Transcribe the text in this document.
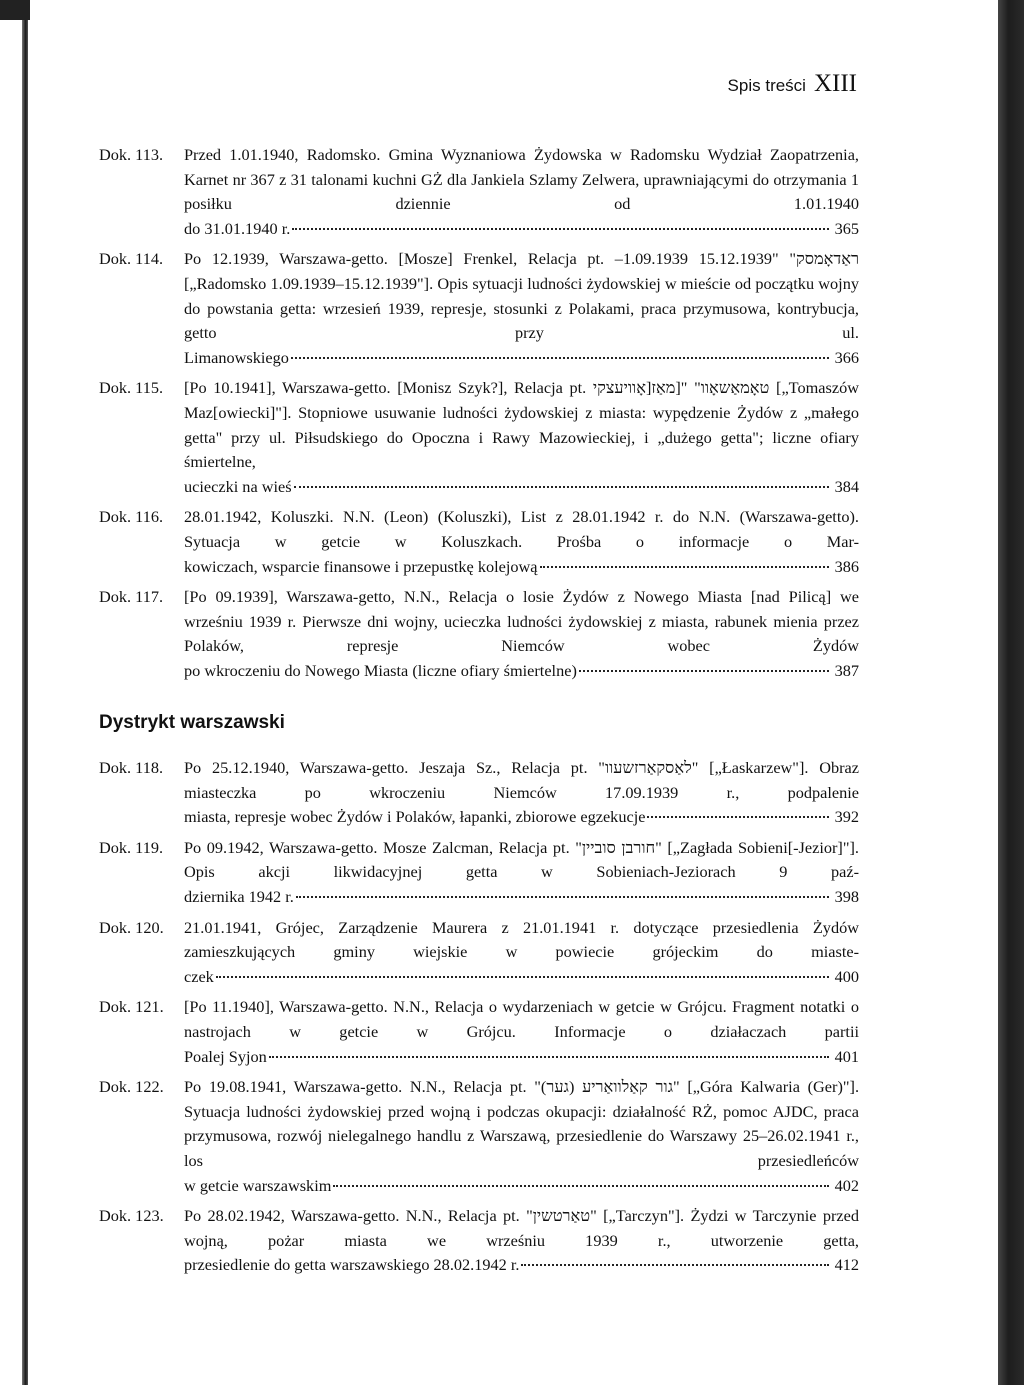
Spis treści XIII
Dok. 113.	Przed 1.01.1940, Radomsko. Gmina Wyznaniowa Żydowska w Radomsku Wydział Zaopatrzenia, Karnet nr 367 z 31 talonami kuchni GŻ dla Jankiela Szlamy Zelwera, uprawniającymi do otrzymania 1 posiłku dziennie od 1.01.1940
do 31.01.1940 r.	365
Dok. 114.	Po 12.1939, Warszawa-getto. [Mosze] Frenkel, Relacja pt. –1.09.1939 ראַדאָמסק" "15.12.1939 [„Radomsko 1.09.1939–15.12.1939"]. Opis sytuacji ludności żydowskiej w mieście od początku wojny do powstania getta: wrzesień 1939, represje, stosunki z Polakami, praca przymusowa, kontrybucja, getto przy ul.
Limanowskiego	366
Dok. 115.	[Po 10.1941], Warszawa-getto. [Monisz Szyk?], Relacja pt. טאָמאַשאָוו" "[מאַז[אָוויעצקי [„Tomaszów Maz[owiecki]"]. Stopniowe usuwanie ludności żydowskiej z miasta: wypędzenie Żydów z „małego getta" przy ul. Piłsudskiego do Opoczna i Rawy Mazowieckiej, i „dużego getta"; liczne ofiary śmiertelne,
ucieczki na wieś	384
Dok. 116.	28.01.1942, Koluszki. N.N. (Leon) (Koluszki), List z 28.01.1942 r. do N.N. (Warszawa-getto). Sytuacja w getcie w Koluszkach. Prośba o informacje o Mar-
kowiczach, wsparcie finansowe i przepustkę kolejową	386
Dok. 117.	[Po 09.1939], Warszawa-getto, N.N., Relacja o losie Żydów z Nowego Miasta [nad Pilicą] we wrześniu 1939 r. Pierwsze dni wojny, ucieczka ludności żydowskiej z miasta, rabunek mienia przez Polaków, represje Niemców wobec Żydów
po wkroczeniu do Nowego Miasta (liczne ofiary śmiertelne)	387
Dystrykt warszawski
Dok. 118.	Po 25.12.1940, Warszawa-getto. Jeszaja Sz., Relacja pt. "לאַסקאַרזשעוו" [„Łaskarzew"]. Obraz miasteczka po wkroczeniu Niemców 17.09.1939 r., podpalenie
miasta, represje wobec Żydów i Polaków, łapanki, zbiorowe egzekucje	392
Dok. 119.	Po 09.1942, Warszawa-getto. Mosze Zalcman, Relacja pt. "חורבן סוביין" [„Zagłada Sobieni[-Jezior]"]. Opis akcji likwidacyjnej getta w Sobieniach-Jeziorach 9 paź-
dziernika 1942 r.	398
Dok. 120.	21.01.1941, Grójec, Zarządzenie Maurera z 21.01.1941 r. dotyczące przesiedlenia Żydów zamieszkujących gminy wiejskie w powiecie grójeckim do miaste-
czek	400
Dok. 121.	[Po 11.1940], Warszawa-getto. N.N., Relacja o wydarzeniach w getcie w Grójcu. Fragment notatki o nastrojach w getcie w Grójcu. Informacje o działaczach partii
Poalej Syjon	401
Dok. 122.	Po 19.08.1941, Warszawa-getto. N.N., Relacja pt. "(גער) גור קאַלוואַריע" [„Góra Kalwaria (Ger)"]. Sytuacja ludności żydowskiej przed wojną i podczas okupacji: działalność RŻ, pomoc AJDC, praca przymusowa, rozwój nielegalnego handlu z Warszawą, przesiedlenie do Warszawy 25–26.02.1941 r., los przesiedleńców
w getcie warszawskim	402
Dok. 123.	Po 28.02.1942, Warszawa-getto. N.N., Relacja pt. "טאַרטשין" [„Tarczyn"]. Żydzi w Tarczynie przed wojną, pożar miasta we wrześniu 1939 r., utworzenie getta,
przesiedlenie do getta warszawskiego 28.02.1942 r.	412
